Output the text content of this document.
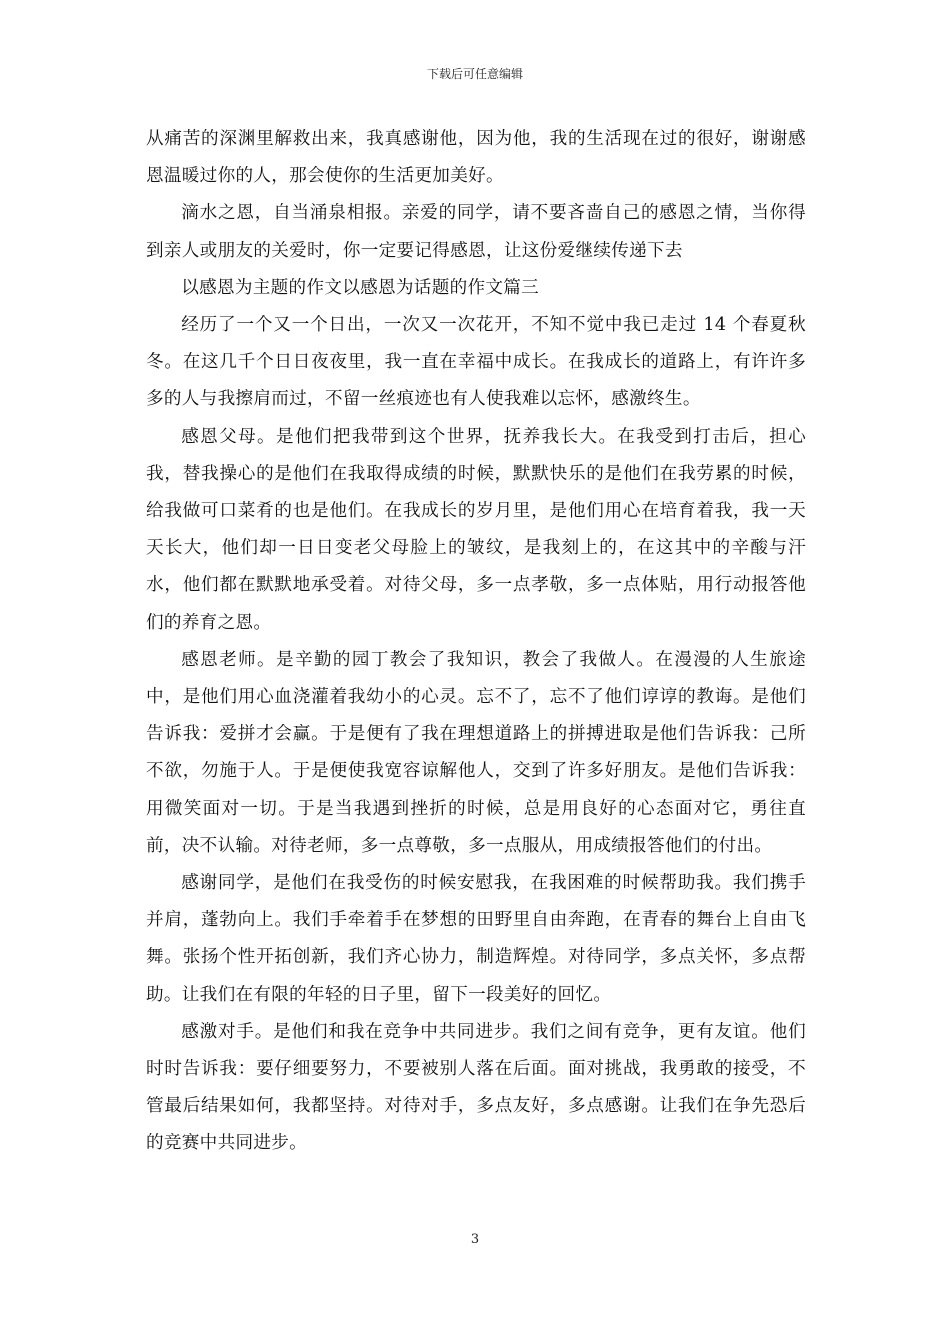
下载后可任意编辑

从痛苦的深渊里解救出来，我真感谢他，因为他，我的生活现在过的很好，谢谢感恩温暖过你的人，那会使你的生活更加美好。

滴水之恩，自当涌泉相报。亲爱的同学，请不要吝啬自己的感恩之情，当你得到亲人或朋友的关爱时，你一定要记得感恩，让这份爱继续传递下去

以感恩为主题的作文以感恩为话题的作文篇三

经历了一个又一个日出，一次又一次花开，不知不觉中我已走过 14 个春夏秋冬。在这几千个日日夜夜里，我一直在幸福中成长。在我成长的道路上，有许许多多的人与我擦肩而过，不留一丝痕迹也有人使我难以忘怀，感激终生。

感恩父母。是他们把我带到这个世界，抚养我长大。在我受到打击后，担心我，替我操心的是他们在我取得成绩的时候，默默快乐的是他们在我劳累的时候，给我做可口菜肴的也是他们。在我成长的岁月里，是他们用心在培育着我，我一天天长大，他们却一日日变老父母脸上的皱纹，是我刻上的，在这其中的辛酸与汗水，他们都在默默地承受着。对待父母，多一点孝敬，多一点体贴，用行动报答他们的养育之恩。

感恩老师。是辛勤的园丁教会了我知识，教会了我做人。在漫漫的人生旅途中，是他们用心血浇灌着我幼小的心灵。忘不了，忘不了他们谆谆的教诲。是他们告诉我：爱拼才会赢。于是便有了我在理想道路上的拼搏进取是他们告诉我：己所不欲，勿施于人。于是便使我宽容谅解他人，交到了许多好朋友。是他们告诉我：用微笑面对一切。于是当我遇到挫折的时候，总是用良好的心态面对它，勇往直前，决不认输。对待老师，多一点尊敬，多一点服从，用成绩报答他们的付出。

感谢同学，是他们在我受伤的时候安慰我，在我困难的时候帮助我。我们携手并肩，蓬勃向上。我们手牵着手在梦想的田野里自由奔跑，在青春的舞台上自由飞舞。张扬个性开拓创新，我们齐心协力，制造辉煌。对待同学，多点关怀，多点帮助。让我们在有限的年轻的日子里，留下一段美好的回忆。

感激对手。是他们和我在竞争中共同进步。我们之间有竞争，更有友谊。他们时时告诉我：要仔细要努力，不要被别人落在后面。面对挑战，我勇敢的接受，不管最后结果如何，我都坚持。对待对手，多点友好，多点感谢。让我们在争先恐后的竞赛中共同进步。

3
